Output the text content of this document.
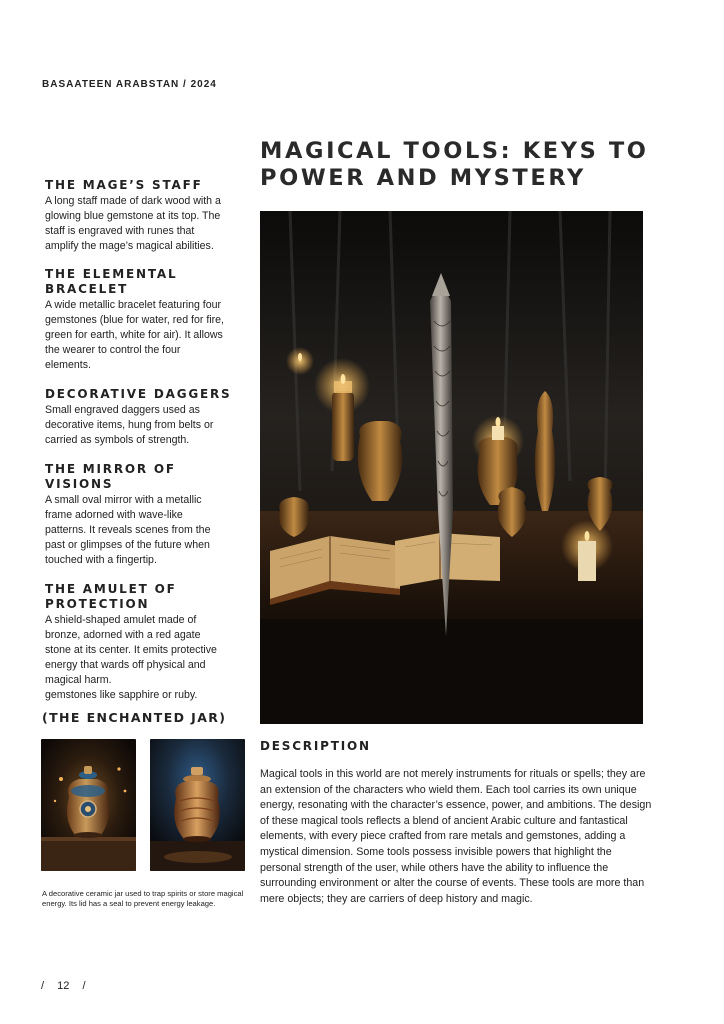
BASAATEEN ARABSTAN / 2024
MAGICAL TOOLS: KEYS TO POWER AND MYSTERY
THE MAGE’S STAFF
A long staff made of dark wood with a glowing blue gemstone at its top. The staff is engraved with runes that amplify the mage’s magical abilities.
THE ELEMENTAL BRACELET
A wide metallic bracelet featuring four gemstones (blue for water, red for fire, green for earth, white for air). It allows the wearer to control the four elements.
DECORATIVE DAGGERS
Small engraved daggers used as decorative items, hung from belts or carried as symbols of strength.
THE MIRROR OF VISIONS
A small oval mirror with a metallic frame adorned with wave-like patterns. It reveals scenes from the past or glimpses of the future when touched with a fingertip.
THE AMULET OF PROTECTION
A shield-shaped amulet made of bronze, adorned with a red agate stone at its center. It emits protective energy that wards off physical and magical harm.
gemstones like sapphire or ruby.
(THE ENCHANTED JAR)
A decorative ceramic jar used to trap spirits or store magical energy. Its lid has a seal to prevent energy leakage.
DESCRIPTION
Magical tools in this world are not merely instruments for rituals or spells; they are an extension of the characters who wield them. Each tool carries its own unique energy, resonating with the character’s essence, power, and ambitions. The design of these magical tools reflects a blend of ancient Arabic culture and fantastical elements, with every piece crafted from rare metals and gemstones, adding a mystical dimension. Some tools possess invisible powers that highlight the personal strength of the user, while others have the ability to influence the surrounding environment or alter the course of events. These tools are more than mere objects; they are carriers of deep history and magic.
/ 12 /
